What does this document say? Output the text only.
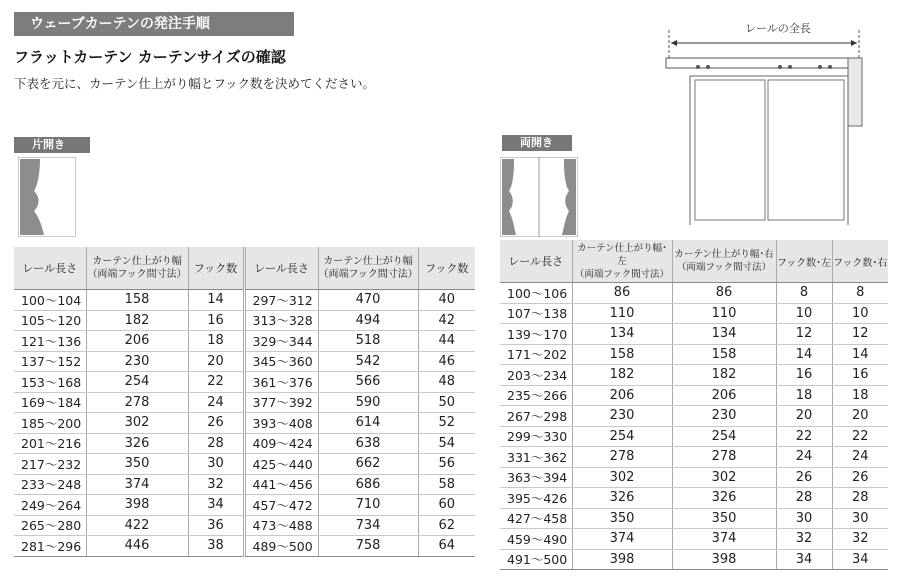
ウェーブカーテンの発注手順
フラットカーテン カーテンサイズの確認
下表を元に、カーテン仕上がり幅とフック数を決めてください。
レールの全長
片開き	両開き
レール長さ	カーテン仕上がり幅
（両端フック間寸法）	フック数	レール長さ	カーテン仕上がり幅
（両端フック間寸法）	フック数
100～104	158	14	297～312	470	40
105～120	182	16	313～328	494	42
121～136	206	18	329～344	518	44
137～152	230	20	345～360	542	46
153～168	254	22	361～376	566	48
169～184	278	24	377～392	590	50
185～200	302	26	393～408	614	52
201～216	326	28	409～424	638	54
217～232	350	30	425～440	662	56
233～248	374	32	441～456	686	58
249～264	398	34	457～472	710	60
265～280	422	36	473～488	734	62
281～296	446	38	489～500	758	64
レール長さ	カーテン仕上がり幅･左
（両端フック間寸法）	カーテン仕上がり幅･右
（両端フック間寸法）	フック数･左	フック数･右
100～106	86	86	8	8
107～138	110	110	10	10
139～170	134	134	12	12
171～202	158	158	14	14
203～234	182	182	16	16
235～266	206	206	18	18
267～298	230	230	20	20
299～330	254	254	22	22
331～362	278	278	24	24
363～394	302	302	26	26
395～426	326	326	28	28
427～458	350	350	30	30
459～490	374	374	32	32
491～500	398	398	34	34
